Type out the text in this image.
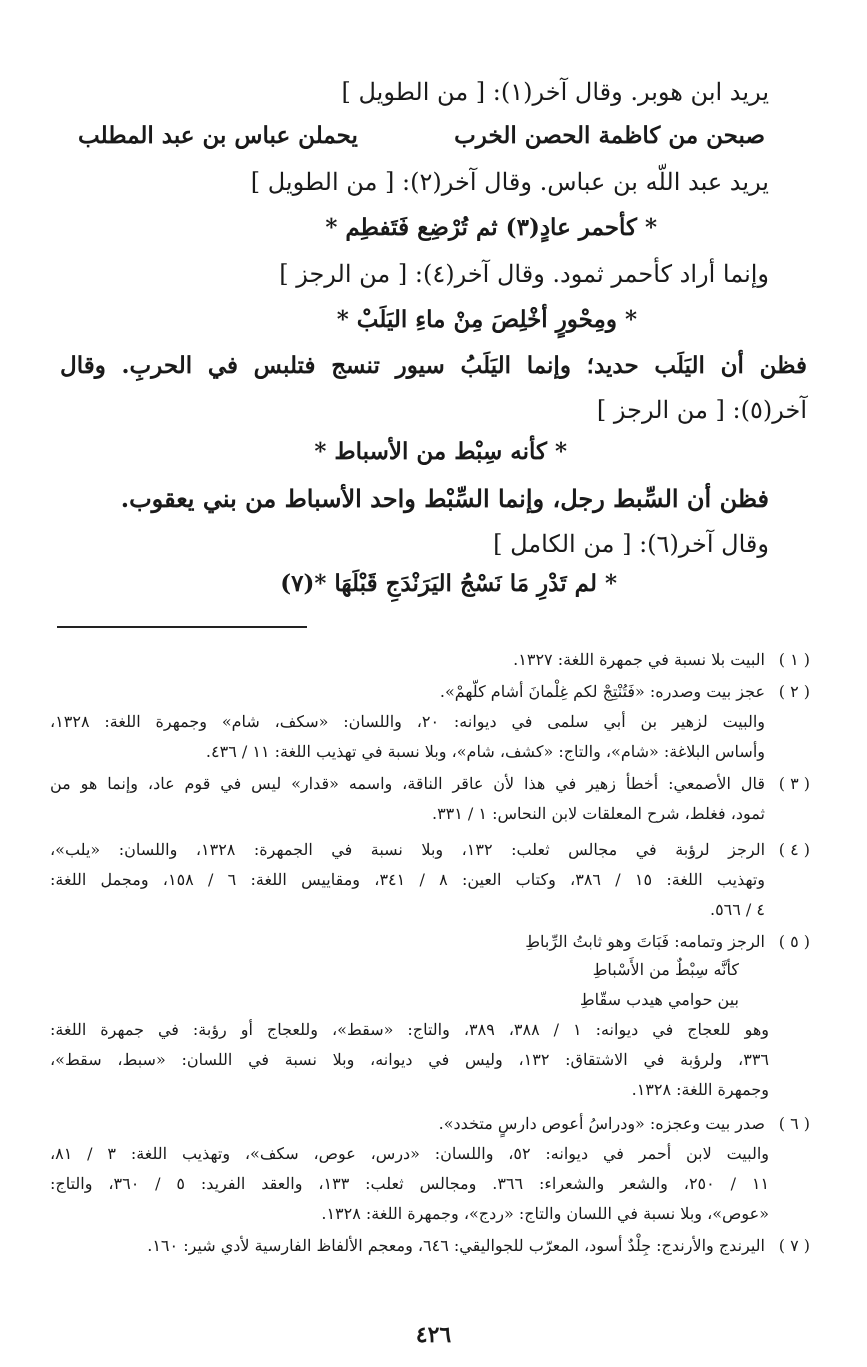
يريد ابن هوبر. وقال آخر(١): [ من الطويل ]
صبحن من كاظمة الحصن الخرب
يحملن عباس بن عبد المطلب
يريد عبد اللّه بن عباس. وقال آخر(٢): [ من الطويل ]
* كأحمر عادٍ(٣) ثم تُرْضِع فَتَفطِم *
وإنما أراد كأحمر ثمود. وقال آخر(٤): [ من الرجز ]
* ومِحْورٍ أخْلِصَ مِنْ ماءِ اليَلَبْ *
فظن أن اليَلَب حديد؛ وإنما اليَلَبُ سيور تنسج فتلبس في الحربِ. وقال
آخر(٥): [ من الرجز ]
* كأنه سِبْط من الأسباط *
فظن أن السِّبط رجل، وإنما السِّبْط واحد الأسباط من بني يعقوب.
وقال آخر(٦): [ من الكامل ]
* لم تَدْرِ مَا نَسْجُ اليَرَنْدَجِ قَبْلَهَا *(٧)
( ١ )
البيت بلا نسبة في جمهرة اللغة: ١٣٢٧.
( ٢ )
عجز بيت وصدره: «فَتُنْتِجْ لكم غِلْمانَ أشام كلّهمْ».
والبيت لزهير بن أبي سلمى في ديوانه: ٢٠، واللسان: «سكف، شام» وجمهرة اللغة: ١٣٢٨،
وأساس البلاغة: «شام»، والتاج: «كشف، شام»، وبلا نسبة في تهذيب اللغة: ١١ / ٤٣٦.
( ٣ )
قال الأصمعي: أخطأ زهير في هذا لأن عاقر الناقة، واسمه «قدار» ليس في قوم عاد، وإنما هو من
ثمود، فغلط، شرح المعلقات لابن النحاس: ١ / ٣٣١.
( ٤ )
الرجز لرؤبة في مجالس ثعلب: ١٣٢، وبلا نسبة في الجمهرة: ١٣٢٨، واللسان: «يلب»،
وتهذيب اللغة: ١٥ / ٣٨٦، وكتاب العين: ٨ / ٣٤١، ومقاييس اللغة: ٦ / ١٥٨، ومجمل اللغة:
٤ / ٥٦٦.
( ٥ )
الرجز وتمامه: فَبَاتَ وهو ثابتُ الرِّباطِ
كأنَّه سِبْطٌ من الأَسْباطِ
بين حوامي هيدب سقّاطِ
وهو للعجاج في ديوانه: ١ / ٣٨٨، ٣٨٩، والتاج: «سقط»، وللعجاج أو رؤبة: في جمهرة اللغة:
٣٣٦، ولرؤبة في الاشتقاق: ١٣٢، وليس في ديوانه، وبلا نسبة في اللسان: «سبط، سقط»،
وجمهرة اللغة: ١٣٢٨.
( ٦ )
صدر بيت وعجزه: «ودراسُ أعوص دارسٍ متخدد».
والبيت لابن أحمر في ديوانه: ٥٢، واللسان: «درس، عوص، سكف»، وتهذيب اللغة: ٣ / ٨١،
١١ / ٢٥٠، والشعر والشعراء: ٣٦٦. ومجالس ثعلب: ١٣٣، والعقد الفريد: ٥ / ٣٦٠، والتاج:
«عوص»، وبلا نسبة في اللسان والتاج: «ردج»، وجمهرة اللغة: ١٣٢٨.
( ٧ )
اليرندج والأرندج: جِلْدٌ أسود، المعرّب للجواليقي: ٦٤٦، ومعجم الألفاظ الفارسية لأدي شير: ١٦٠.
٤٢٦
